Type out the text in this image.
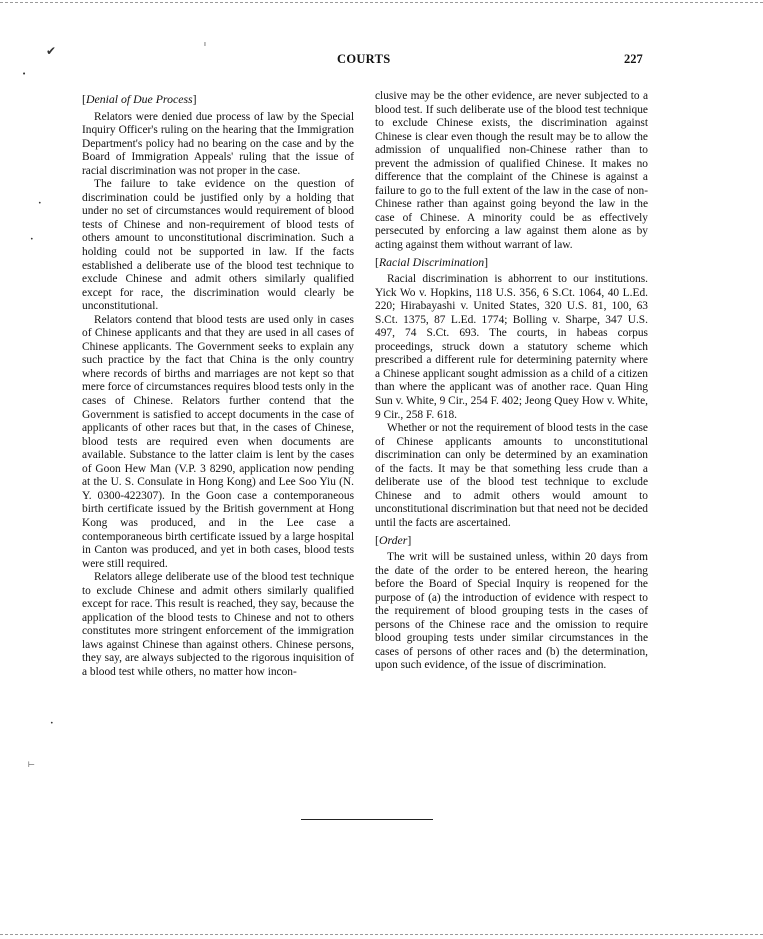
✔
•
ı
•
•
•
⊢
COURTS	227
[Denial of Due Process]

Relators were denied due process of law by the Special Inquiry Officer's ruling on the hearing that the Immigration Department's policy had no bearing on the case and by the Board of Immigration Appeals' ruling that the issue of racial discrimination was not proper in the case.

The failure to take evidence on the question of discrimination could be justified only by a holding that under no set of circumstances would requirement of blood tests of Chinese and non-requirement of blood tests of others amount to unconstitutional discrimination. Such a holding could not be supported in law. If the facts established a deliberate use of the blood test technique to exclude Chinese and admit others similarly qualified except for race, the discrimination would clearly be unconstitutional.

Relators contend that blood tests are used only in cases of Chinese applicants and that they are used in all cases of Chinese applicants. The Government seeks to explain any such practice by the fact that China is the only country where records of births and marriages are not kept so that mere force of circumstances requires blood tests only in the cases of Chinese. Relators further contend that the Government is satisfied to accept documents in the case of applicants of other races but that, in the cases of Chinese, blood tests are required even when documents are available. Substance to the latter claim is lent by the cases of Goon Hew Man (V.P. 3 8290, application now pending at the U. S. Consulate in Hong Kong) and Lee Soo Yiu (N. Y. 0300-422307). In the Goon case a contemporaneous birth certificate issued by the British government at Hong Kong was produced, and in the Lee case a contemporaneous birth certificate issued by a large hospital in Canton was produced, and yet in both cases, blood tests were still required.

Relators allege deliberate use of the blood test technique to exclude Chinese and admit others similarly qualified except for race. This result is reached, they say, because the application of the blood tests to Chinese and not to others constitutes more stringent enforcement of the immigration laws against Chinese than against others. Chinese persons, they say, are always subjected to the rigorous inquisition of a blood test while others, no matter how incon-

clusive may be the other evidence, are never subjected to a blood test. If such deliberate use of the blood test technique to exclude Chinese exists, the discrimination against Chinese is clear even though the result may be to allow the admission of unqualified non-Chinese rather than to prevent the admission of qualified Chinese. It makes no difference that the complaint of the Chinese is against a failure to go to the full extent of the law in the case of non-Chinese rather than against going beyond the law in the case of Chinese. A minority could be as effectively persecuted by enforcing a law against them alone as by acting against them without warrant of law.

[Racial Discrimination]

Racial discrimination is abhorrent to our institutions. Yick Wo v. Hopkins, 118 U.S. 356, 6 S.Ct. 1064, 40 L.Ed. 220; Hirabayashi v. United States, 320 U.S. 81, 100, 63 S.Ct. 1375, 87 L.Ed. 1774; Bolling v. Sharpe, 347 U.S. 497, 74 S.Ct. 693. The courts, in habeas corpus proceedings, struck down a statutory scheme which prescribed a different rule for determining paternity where a Chinese applicant sought admission as a child of a citizen than where the applicant was of another race. Quan Hing Sun v. White, 9 Cir., 254 F. 402; Jeong Quey How v. White, 9 Cir., 258 F. 618.

Whether or not the requirement of blood tests in the case of Chinese applicants amounts to unconstitutional discrimination can only be determined by an examination of the facts. It may be that something less crude than a deliberate use of the blood test technique to exclude Chinese and to admit others would amount to unconstitutional discrimination but that need not be decided until the facts are ascertained.

[Order]

The writ will be sustained unless, within 20 days from the date of the order to be entered hereon, the hearing before the Board of Special Inquiry is reopened for the purpose of (a) the introduction of evidence with respect to the requirement of blood grouping tests in the cases of persons of the Chinese race and the omission to require blood grouping tests under similar circumstances in the cases of persons of other races and (b) the determination, upon such evidence, of the issue of discrimination.
